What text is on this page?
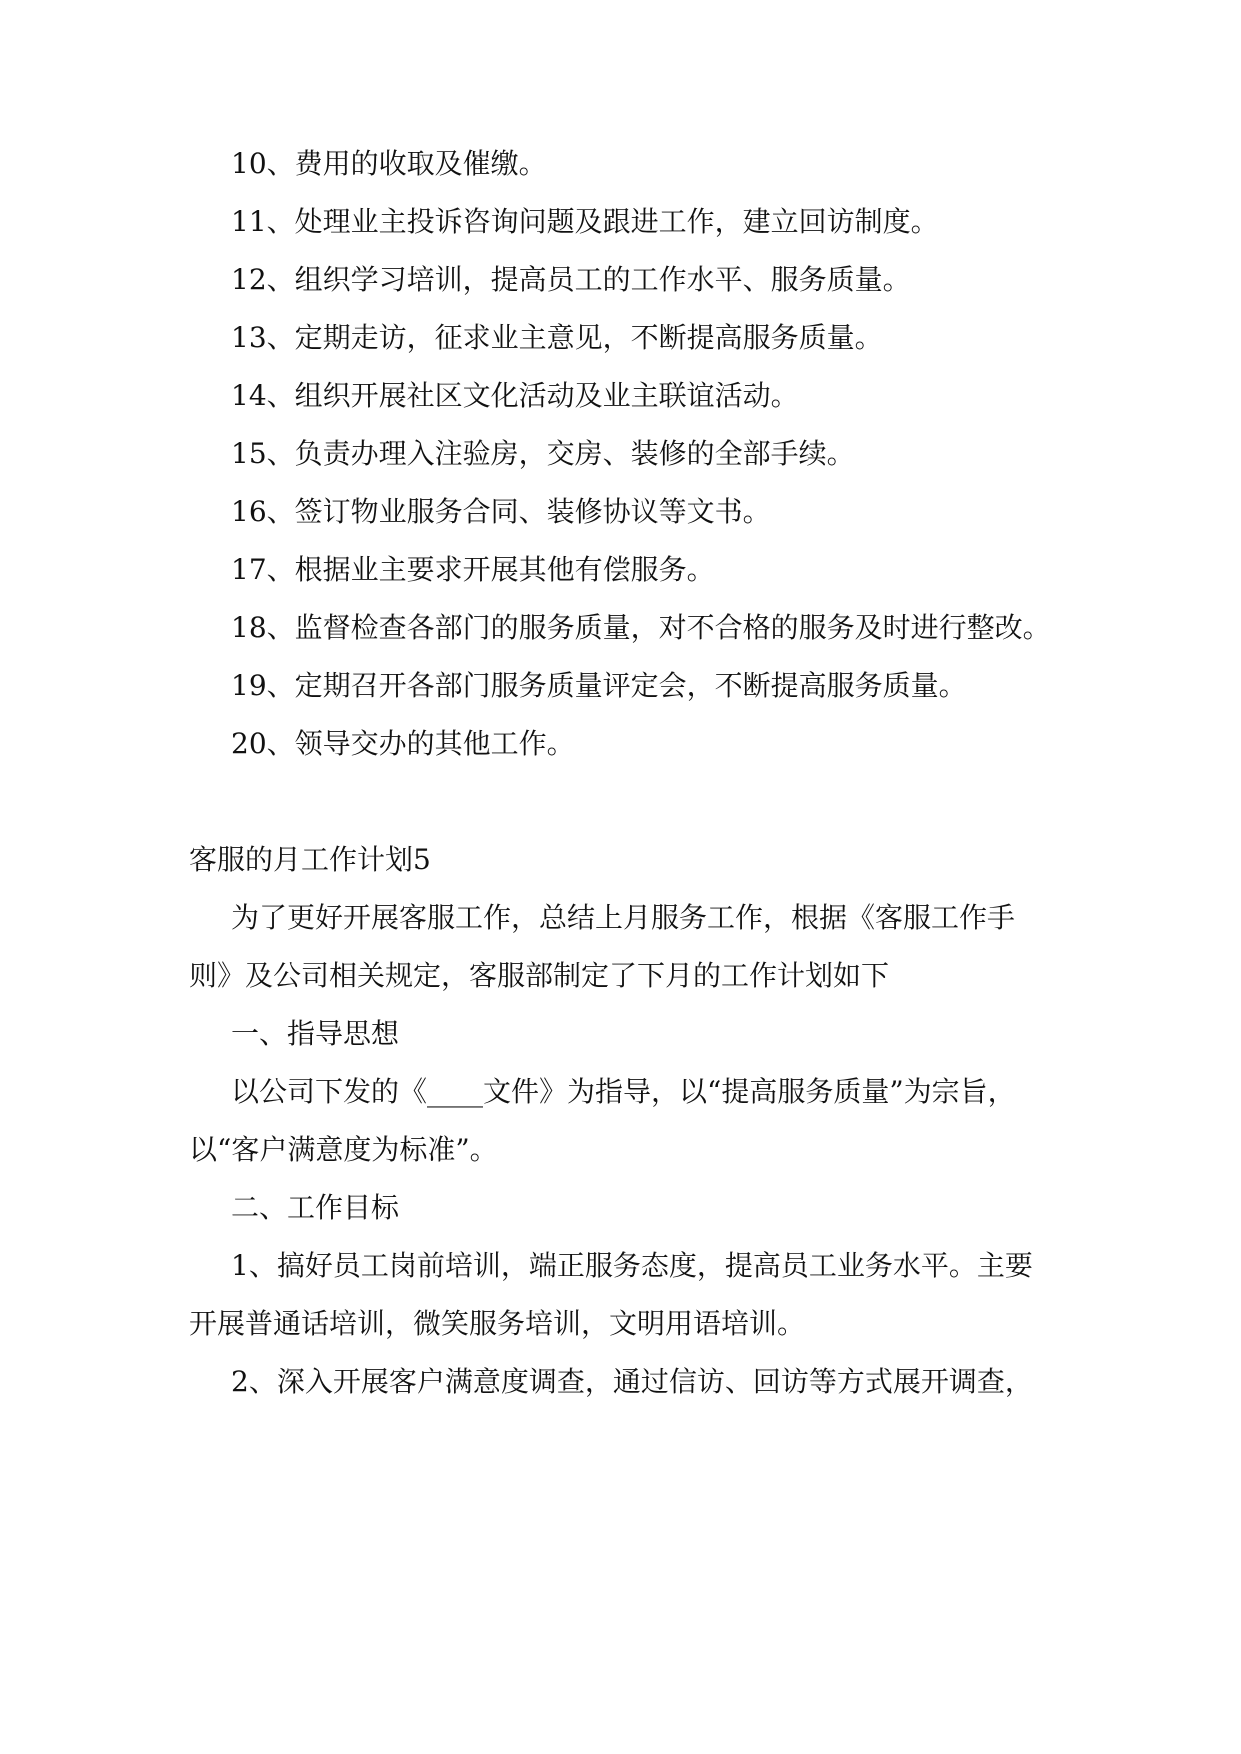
10、费用的收取及催缴。
11、处理业主投诉咨询问题及跟进工作，建立回访制度。
12、组织学习培训，提高员工的工作水平、服务质量。
13、定期走访，征求业主意见，不断提高服务质量。
14、组织开展社区文化活动及业主联谊活动。
15、负责办理入注验房，交房、装修的全部手续。
16、签订物业服务合同、装修协议等文书。
17、根据业主要求开展其他有偿服务。
18、监督检查各部门的服务质量，对不合格的服务及时进行整改。
19、定期召开各部门服务质量评定会，不断提高服务质量。
20、领导交办的其他工作。
客服的月工作计划5
为了更好开展客服工作，总结上月服务工作，根据《客服工作手
则》及公司相关规定，客服部制定了下月的工作计划如下
一、指导思想
以公司下发的《____文件》为指导，以“提高服务质量”为宗旨，
以“客户满意度为标准”。
二、工作目标
1、搞好员工岗前培训，端正服务态度，提高员工业务水平。主要
开展普通话培训，微笑服务培训，文明用语培训。
2、深入开展客户满意度调查，通过信访、回访等方式展开调查，
